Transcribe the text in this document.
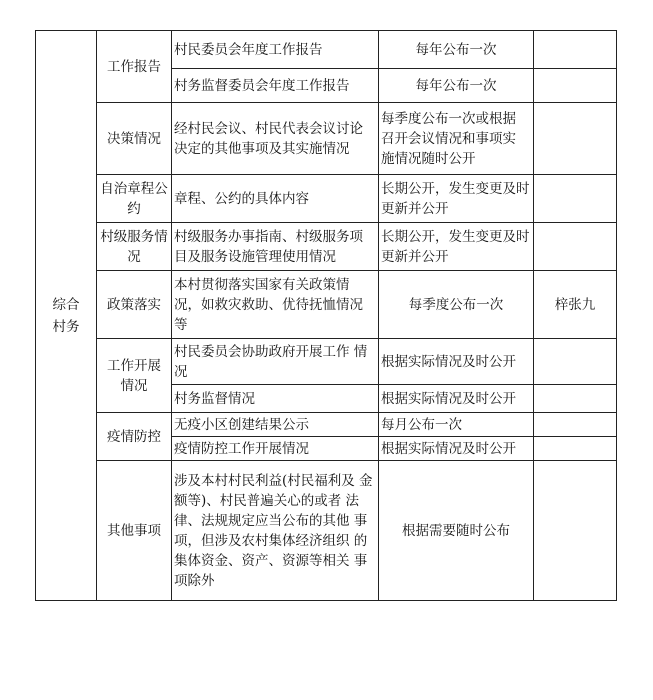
综合村务	工作报告	村民委员会年度工作报告	每年公布一次	
		村务监督委员会年度工作报告	每年公布一次	
	决策情况	经村民会议、村民代表会议讨论决定的其他事项及其实施情况	每季度公布一次或根据 召开会议情况和事项实 施情况随时公开	
	自治章程公约	章程、公约的具体内容	长期公开，发生变更及时更新并公开	
	村级服务情况	村级服务办事指南、村级服务项目及服务设施管理使用情况	长期公开，发生变更及时更新并公开	
	政策落实	本村贯彻落实国家有关政策情况，如救灾救助、优待抚恤情况等	每季度公布一次	梓张九
	工作开展 情况	村民委员会协助政府开展工作 情况	根据实际情况及时公开	
		村务监督情况	根据实际情况及时公开	
	疫情防控	无疫小区创建结果公示	每月公布一次	
		疫情防控工作开展情况	根据实际情况及时公开	
	其他事项	涉及本村村民利益(村民福利及 金额等)、村民普遍关心的或者 法律、法规规定应当公布的其他 事项，但涉及农村集体经济组织 的集体资金、资产、资源等相关 事项除外	根据需要随时公布	
